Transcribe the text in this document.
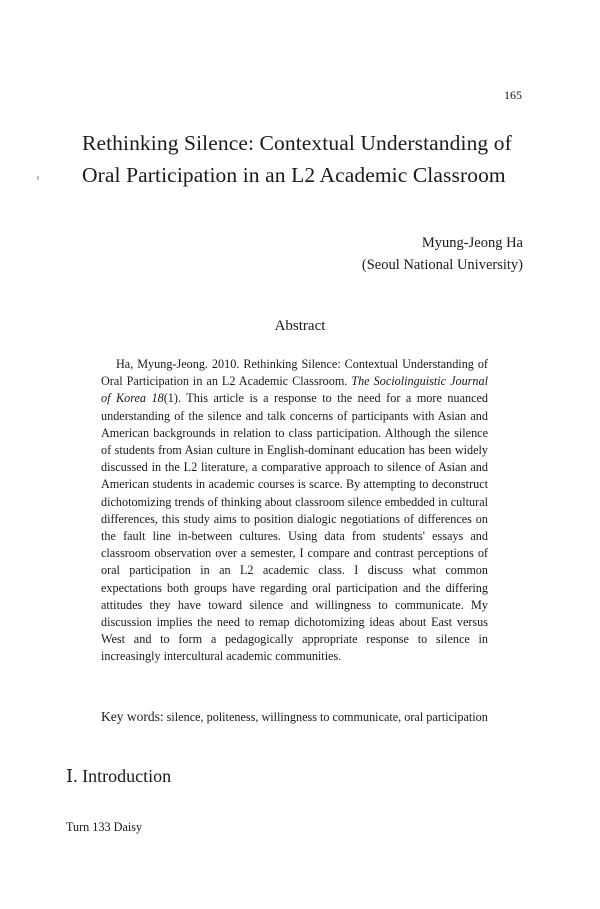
165
Rethinking Silence: Contextual Understanding of
Oral Participation in an L2 Academic Classroom
Myung-Jeong Ha
(Seoul National University)
Abstract

Ha, Myung-Jeong. 2010. Rethinking Silence: Contextual Understanding of Oral Participation in an L2 Academic Classroom. The Sociolinguistic Journal of Korea 18(1). This article is a response to the need for a more nuanced understanding of the silence and talk concerns of participants with Asian and American backgrounds in relation to class participation. Although the silence of students from Asian culture in English-dominant education has been widely discussed in the L2 literature, a comparative approach to silence of Asian and American students in academic courses is scarce. By attempting to deconstruct dichotomizing trends of thinking about classroom silence embedded in cultural differences, this study aims to position dialogic negotiations of differences on the fault line in-between cultures. Using data from students' essays and classroom observation over a semester, I compare and contrast perceptions of oral participation in an L2 academic class. I discuss what common expectations both groups have regarding oral participation and the differing attitudes they have toward silence and willingness to communicate. My discussion implies the need to remap dichotomizing ideas about East versus West and to form a pedagogically appropriate response to silence in increasingly intercultural academic communities.

Key words: silence, politeness, willingness to communicate, oral participation
Ⅰ. Introduction
Turn 133 Daisy
